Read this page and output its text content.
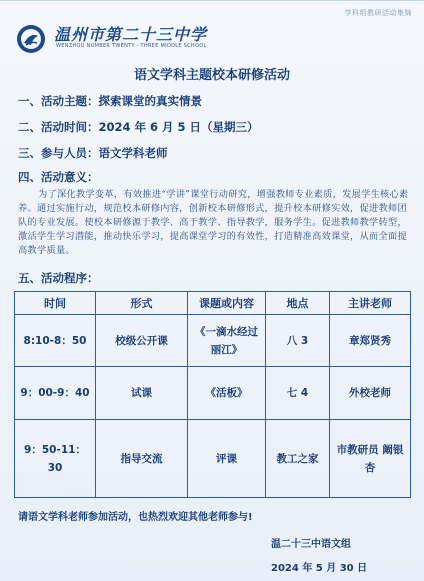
学科组教研活动集锦
温州市第二十三中学
WENZHOU NUMBER TWENTY · THREE MIDDLE SCHOOL
语文学科主题校本研修活动
一、活动主题：探索课堂的真实情景
二、活动时间：2024 年 6 月 5 日（星期三）
三、参与人员：语文学科老师
四、活动意义：
为了深化教学变革，有效推进“学讲”课堂行动研究，增强教师专业素质，发展学生核心素养。通过实施行动，规范校本研修内容，创新校本研修形式，提升校本研修实效，促进教师团队的专业发展。使校本研修源于教学、高于教学、指导教学，服务学生。促进教师教学转型，激活学生学习潜能，推动快乐学习，提高课堂学习的有效性，打造精准高效课堂，从而全面提高教学质量。
五、活动程序：
时间	形式	课题或内容	地点	主讲老师
8:10-8：50	校级公开课	《一滴水经过丽江》	八 3	章郑贤秀
9：00-9：40	试课	《活板》	七 4	外校老师
9：50-11：30	指导交流	评课	教工之家	市教研员 阚银杏
请语文学科老师参加活动，也热烈欢迎其他老师参与!
温二十三中语文组
2024 年 5 月 30 日
